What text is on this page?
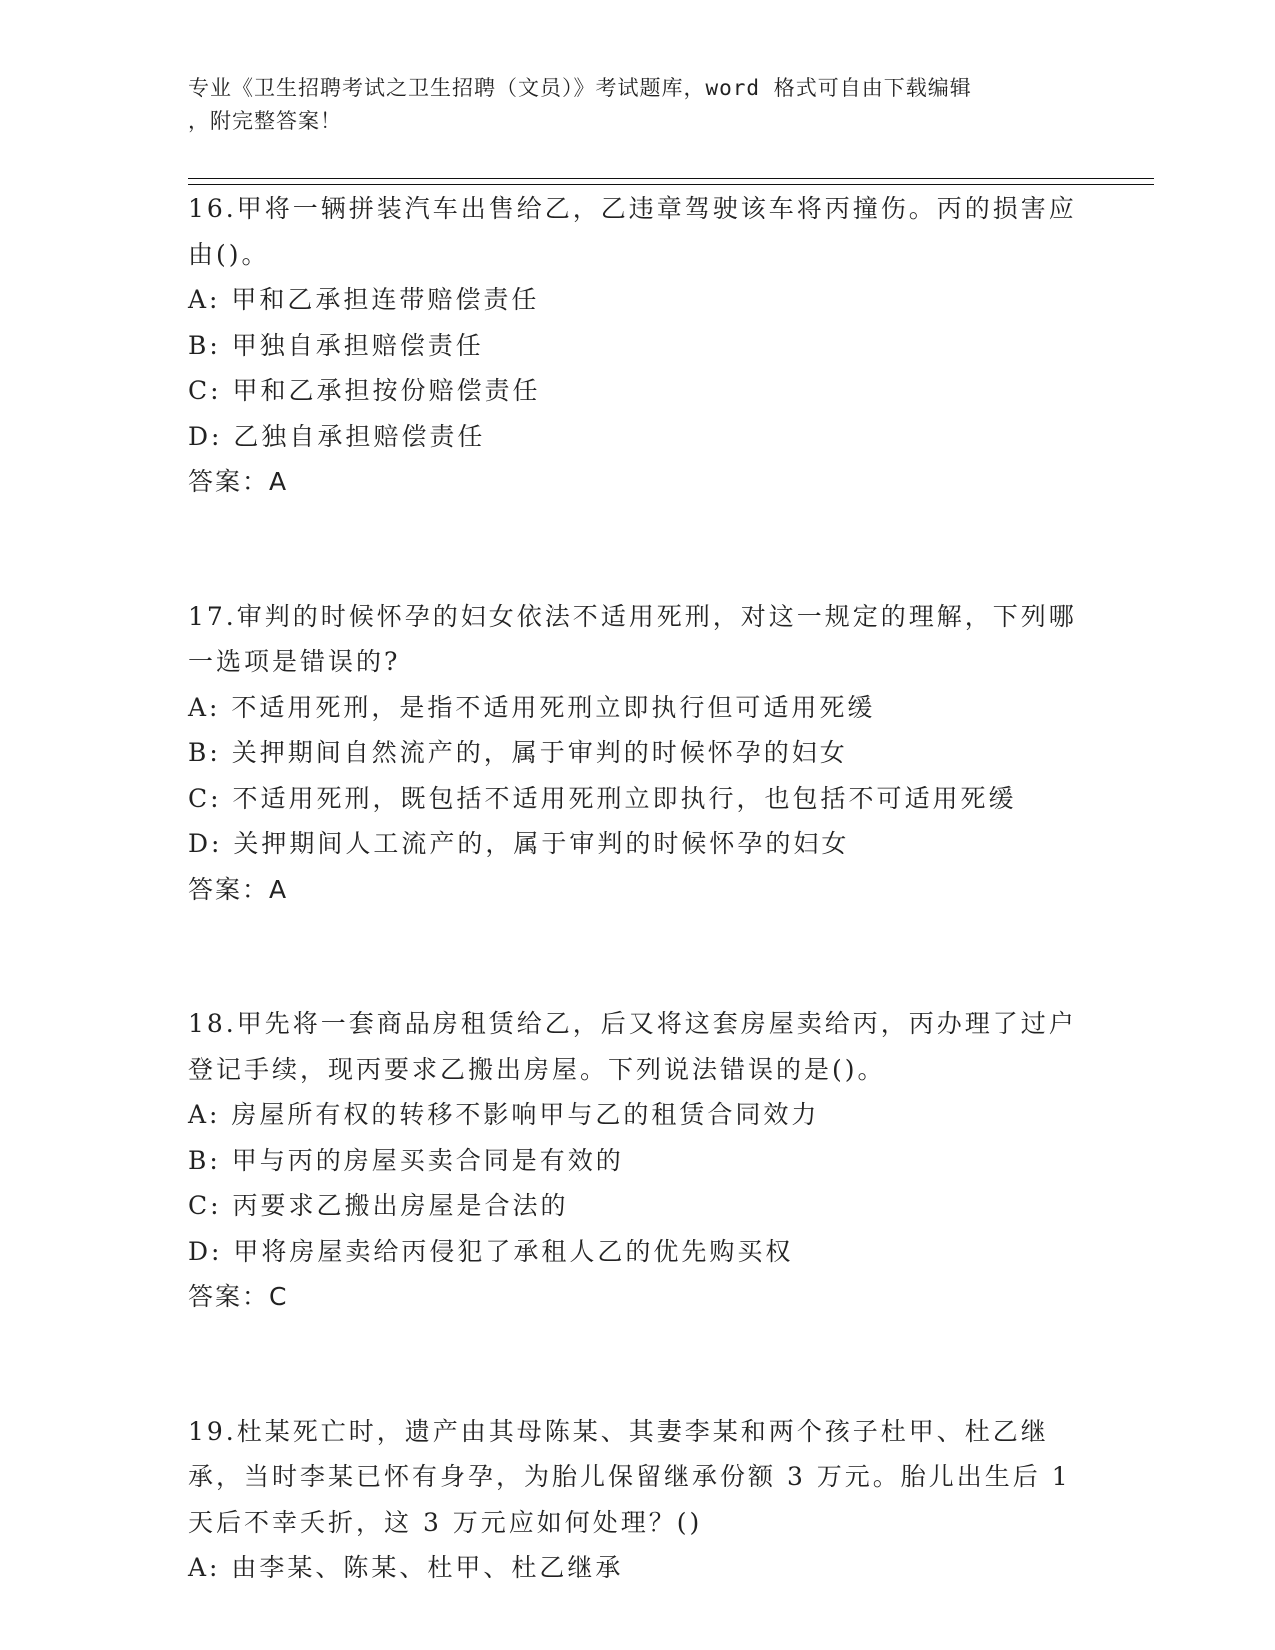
专业《卫生招聘考试之卫生招聘（文员）》考试题库，word 格式可自由下载编辑
，附完整答案！
16.甲将一辆拼装汽车出售给乙，乙违章驾驶该车将丙撞伤。丙的损害应由()。
A: 甲和乙承担连带赔偿责任
B: 甲独自承担赔偿责任
C: 甲和乙承担按份赔偿责任
D: 乙独自承担赔偿责任
答案：A
17.审判的时候怀孕的妇女依法不适用死刑，对这一规定的理解，下列哪一选项是错误的?
A: 不适用死刑，是指不适用死刑立即执行但可适用死缓
B: 关押期间自然流产的，属于审判的时候怀孕的妇女
C: 不适用死刑，既包括不适用死刑立即执行，也包括不可适用死缓
D: 关押期间人工流产的，属于审判的时候怀孕的妇女
答案：A
18.甲先将一套商品房租赁给乙，后又将这套房屋卖给丙，丙办理了过户登记手续，现丙要求乙搬出房屋。下列说法错误的是()。
A: 房屋所有权的转移不影响甲与乙的租赁合同效力
B: 甲与丙的房屋买卖合同是有效的
C: 丙要求乙搬出房屋是合法的
D: 甲将房屋卖给丙侵犯了承租人乙的优先购买权
答案：C
19.杜某死亡时，遗产由其母陈某、其妻李某和两个孩子杜甲、杜乙继承，当时李某已怀有身孕，为胎儿保留继承份额 3 万元。胎儿出生后 1 天后不幸夭折，这 3 万元应如何处理？()
A: 由李某、陈某、杜甲、杜乙继承
